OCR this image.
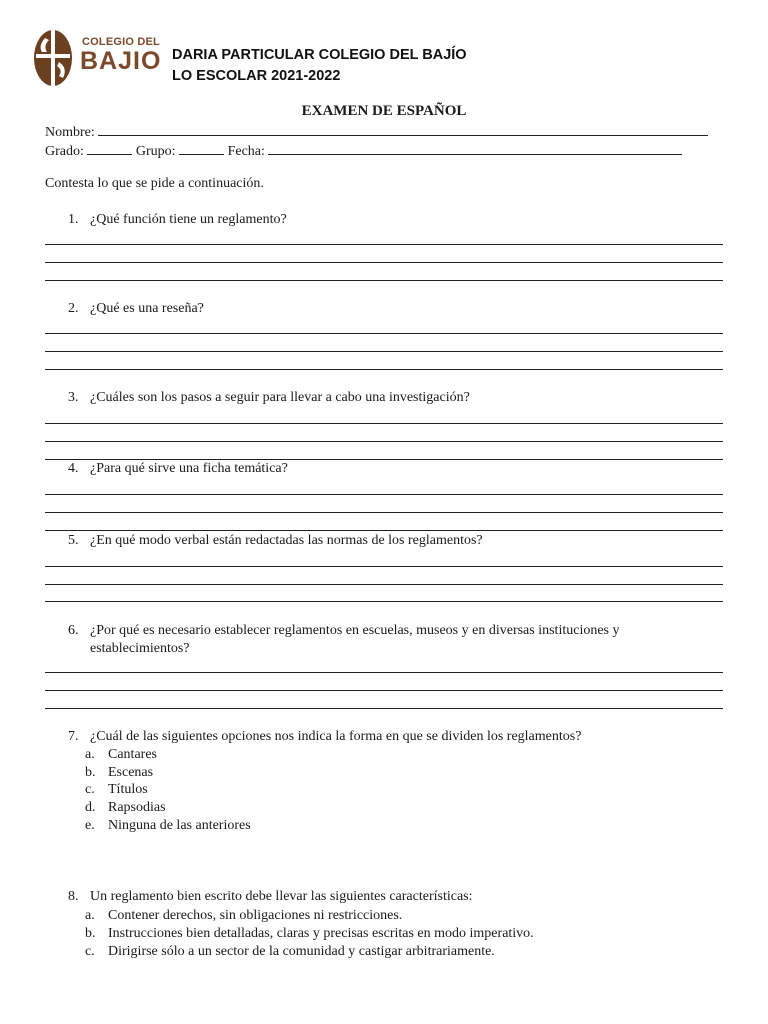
COLEGIO DEL
BAJIO DARIA PARTICULAR COLEGIO DEL BAJÍO
LO ESCOLAR 2021-2022
EXAMEN DE ESPAÑOL
Nombre:
Grado:	Grupo:	Fecha:
Contesta lo que se pide a continuación.
1. ¿Qué función tiene un reglamento?
2. ¿Qué es una reseña?
3. ¿Cuáles son los pasos a seguir para llevar a cabo una investigación?
4. ¿Para qué sirve una ficha temática?
5. ¿En qué modo verbal están redactadas las normas de los reglamentos?
6. ¿Por qué es necesario establecer reglamentos en escuelas, museos y en diversas instituciones y
establecimientos?
7. ¿Cuál de las siguientes opciones nos indica la forma en que se dividen los reglamentos?
a. Cantares
b. Escenas
c. Títulos
d. Rapsodias
e. Ninguna de las anteriores
8. Un reglamento bien escrito debe llevar las siguientes características:
a. Contener derechos, sin obligaciones ni restricciones.
b. Instrucciones bien detalladas, claras y precisas escritas en modo imperativo.
c. Dirigirse sólo a un sector de la comunidad y castigar arbitrariamente.
